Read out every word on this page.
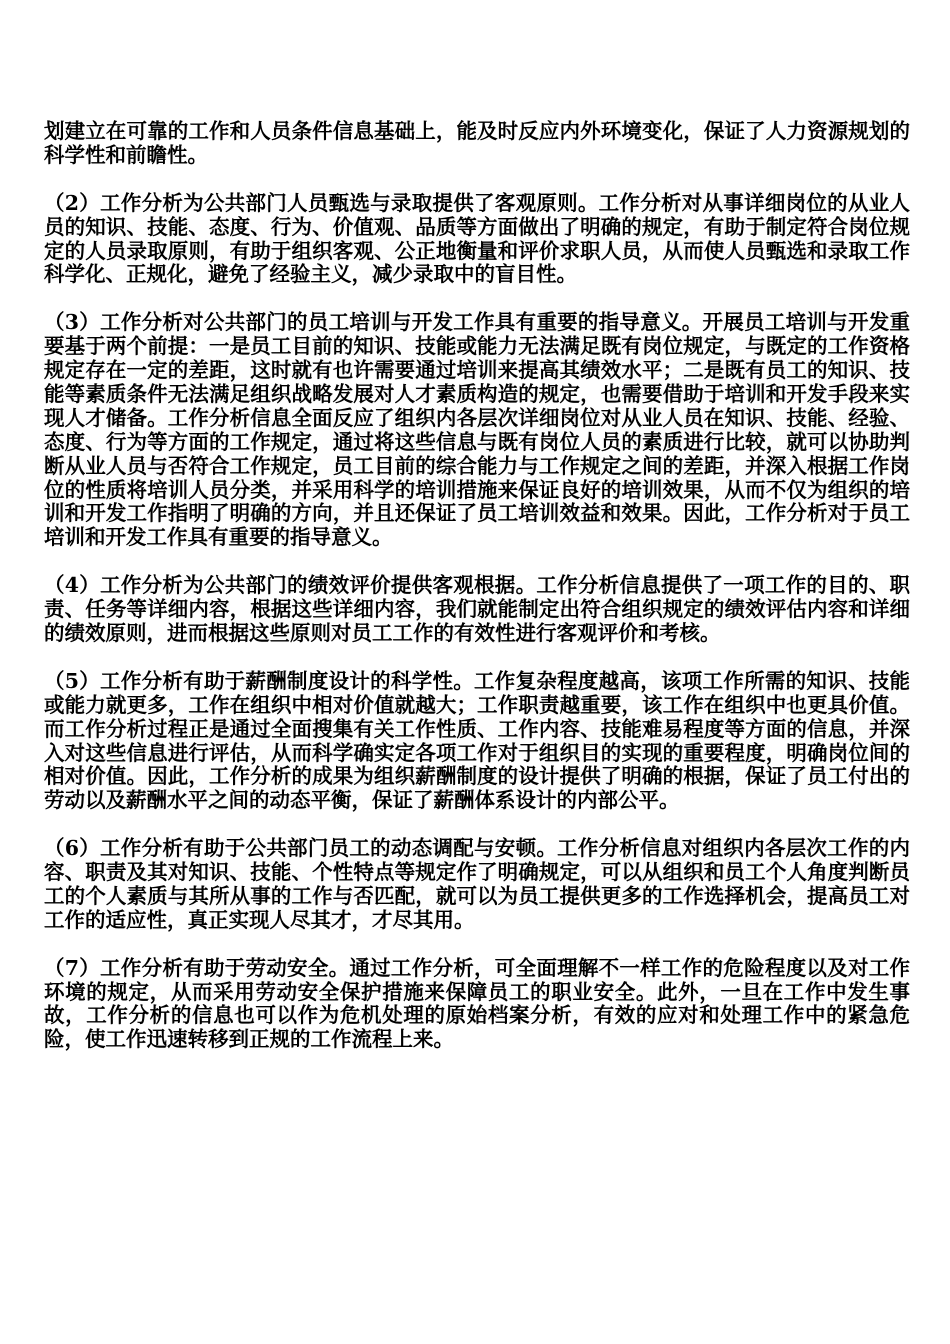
划建立在可靠的工作和人员条件信息基础上，能及时反应内外环境变化，保证了人力资源规划的科学性和前瞻性。

（2）工作分析为公共部门人员甄选与录取提供了客观原则。工作分析对从事详细岗位的从业人员的知识、技能、态度、行为、价值观、品质等方面做出了明确的规定，有助于制定符合岗位规定的人员录取原则，有助于组织客观、公正地衡量和评价求职人员，从而使人员甄选和录取工作科学化、正规化，避免了经验主义，减少录取中的盲目性。

（3）工作分析对公共部门的员工培训与开发工作具有重要的指导意义。开展员工培训与开发重要基于两个前提：一是员工目前的知识、技能或能力无法满足既有岗位规定，与既定的工作资格规定存在一定的差距，这时就有也许需要通过培训来提高其绩效水平；二是既有员工的知识、技能等素质条件无法满足组织战略发展对人才素质构造的规定，也需要借助于培训和开发手段来实现人才储备。工作分析信息全面反应了组织内各层次详细岗位对从业人员在知识、技能、经验、态度、行为等方面的工作规定，通过将这些信息与既有岗位人员的素质进行比较，就可以协助判断从业人员与否符合工作规定，员工目前的综合能力与工作规定之间的差距，并深入根据工作岗位的性质将培训人员分类，并采用科学的培训措施来保证良好的培训效果，从而不仅为组织的培训和开发工作指明了明确的方向，并且还保证了员工培训效益和效果。因此，工作分析对于员工培训和开发工作具有重要的指导意义。

（4）工作分析为公共部门的绩效评价提供客观根据。工作分析信息提供了一项工作的目的、职责、任务等详细内容，根据这些详细内容，我们就能制定出符合组织规定的绩效评估内容和详细的绩效原则，进而根据这些原则对员工工作的有效性进行客观评价和考核。

（5）工作分析有助于薪酬制度设计的科学性。工作复杂程度越高，该项工作所需的知识、技能或能力就更多，工作在组织中相对价值就越大；工作职责越重要，该工作在组织中也更具价值。而工作分析过程正是通过全面搜集有关工作性质、工作内容、技能难易程度等方面的信息，并深入对这些信息进行评估，从而科学确实定各项工作对于组织目的实现的重要程度，明确岗位间的相对价值。因此，工作分析的成果为组织薪酬制度的设计提供了明确的根据，保证了员工付出的劳动以及薪酬水平之间的动态平衡，保证了薪酬体系设计的内部公平。

（6）工作分析有助于公共部门员工的动态调配与安顿。工作分析信息对组织内各层次工作的内容、职责及其对知识、技能、个性特点等规定作了明确规定，可以从组织和员工个人角度判断员工的个人素质与其所从事的工作与否匹配，就可以为员工提供更多的工作选择机会，提高员工对工作的适应性，真正实现人尽其才，才尽其用。

（7）工作分析有助于劳动安全。通过工作分析，可全面理解不一样工作的危险程度以及对工作环境的规定，从而采用劳动安全保护措施来保障员工的职业安全。此外，一旦在工作中发生事故，工作分析的信息也可以作为危机处理的原始档案分析，有效的应对和处理工作中的紧急危险，使工作迅速转移到正规的工作流程上来。
